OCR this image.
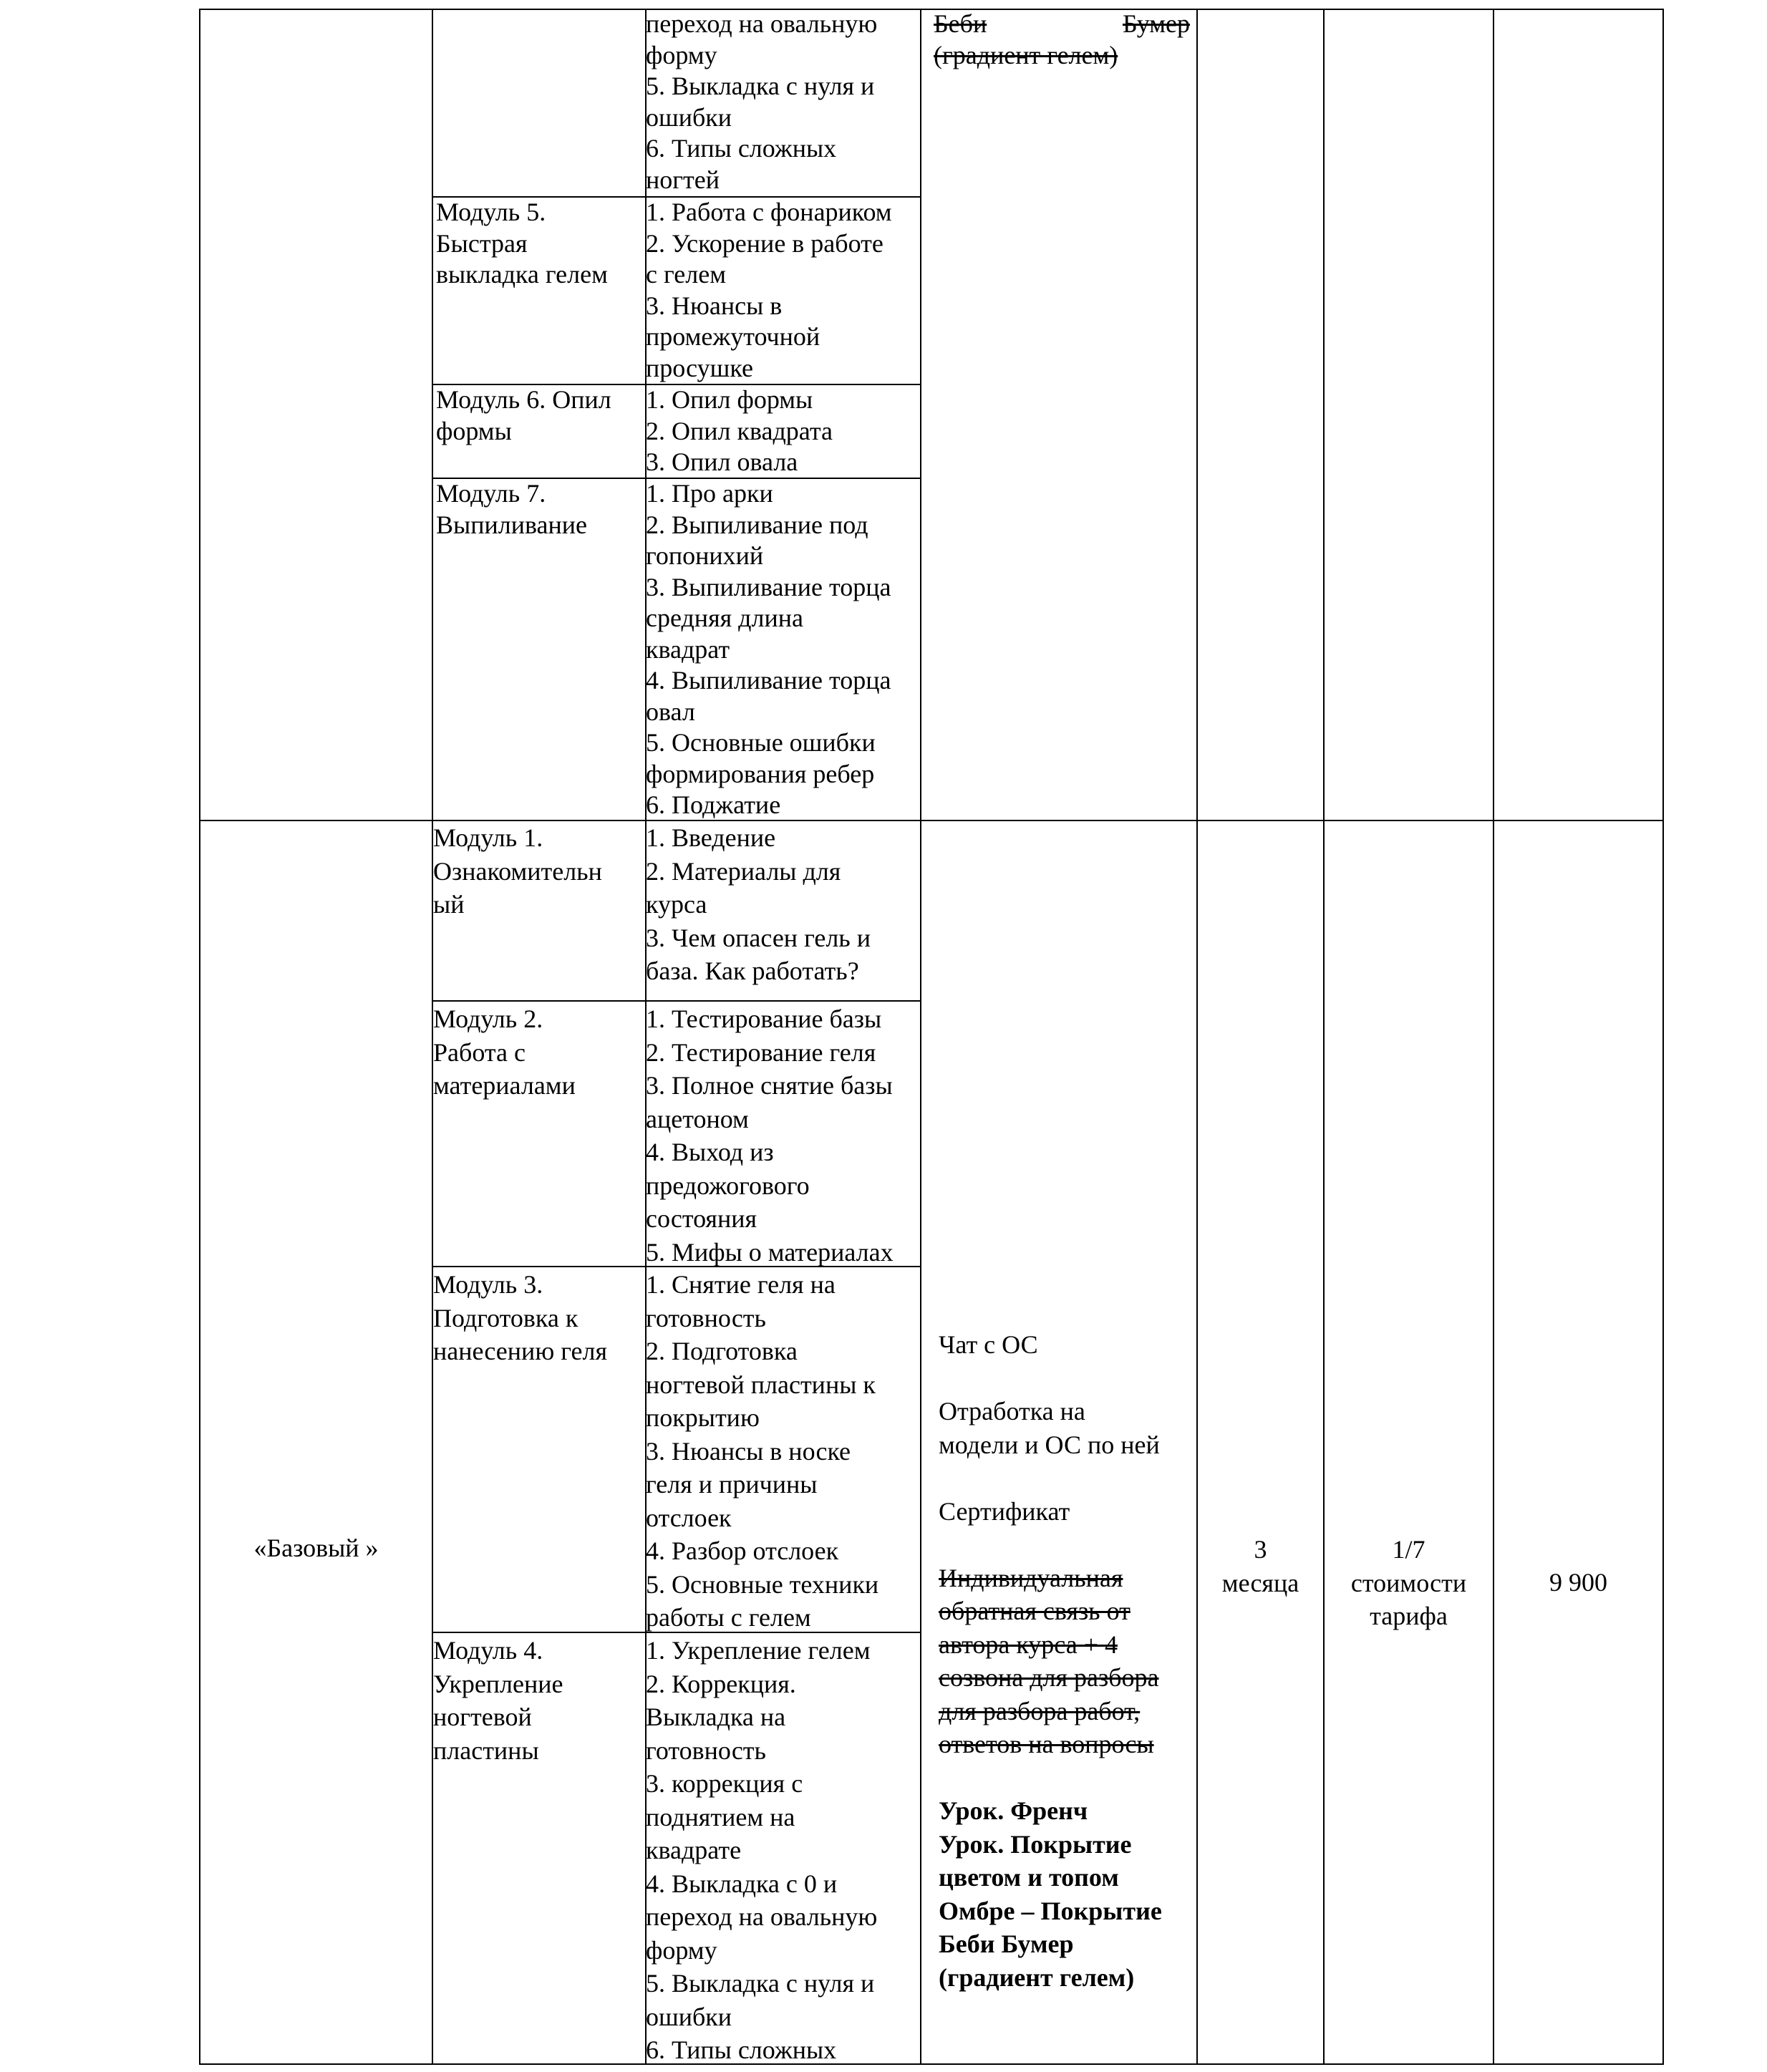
переход на овальную
форму
5. Выкладка с нуля и
ошибки
6. Типы сложных
ногтей
Модуль 5.
Быстрая
выкладка гелем
1. Работа с фонариком
2. Ускорение в работе
с гелем
3. Нюансы в
промежуточной
просушке
Модуль 6. Опил
формы
1. Опил формы
2. Опил квадрата
3. Опил овала
Модуль 7.
Выпиливание
1. Про арки
2. Выпиливание под
гопонихий
3. Выпиливание торца
средняя длина
квадрат
4. Выпиливание торца
овал
5. Основные ошибки
формирования ребер
6. Поджатие
Беби	Бумер
(градиент гелем)
«Базовый »
Модуль 1.
Ознакомительн
ый
1. Введение
2. Материалы для
курса
3. Чем опасен гель и
база. Как работать?
Модуль 2.
Работа с
материалами
1. Тестирование базы
2. Тестирование геля
3. Полное снятие базы
ацетоном
4. Выход из
предожогового
состояния
5. Мифы о материалах
Модуль 3.
Подготовка к
нанесению геля
1. Снятие геля на
готовность
2. Подготовка
ногтевой пластины к
покрытию
3. Нюансы в носке
геля и причины
отслоек
4. Разбор отслоек
5. Основные техники
работы с гелем
Модуль 4.
Укрепление
ногтевой
пластины
1. Укрепление гелем
2. Коррекция.
Выкладка на
готовность
3. коррекция с
поднятием на
квадрате
4. Выкладка с 0 и
переход на овальную
форму
5. Выкладка с нуля и
ошибки
6. Типы сложных
Чат с ОС
Отработка на
модели и ОС по ней
Сертификат
Индивидуальная
обратная связь от
автора курса + 4
созвона для разбора
для разбора работ,
ответов на вопросы
Урок. Френч
Урок. Покрытие
цветом и топом
Омбре – Покрытие
Беби Бумер
(градиент гелем)
3
месяца
1/7
стоимости
тарифа
9 900
